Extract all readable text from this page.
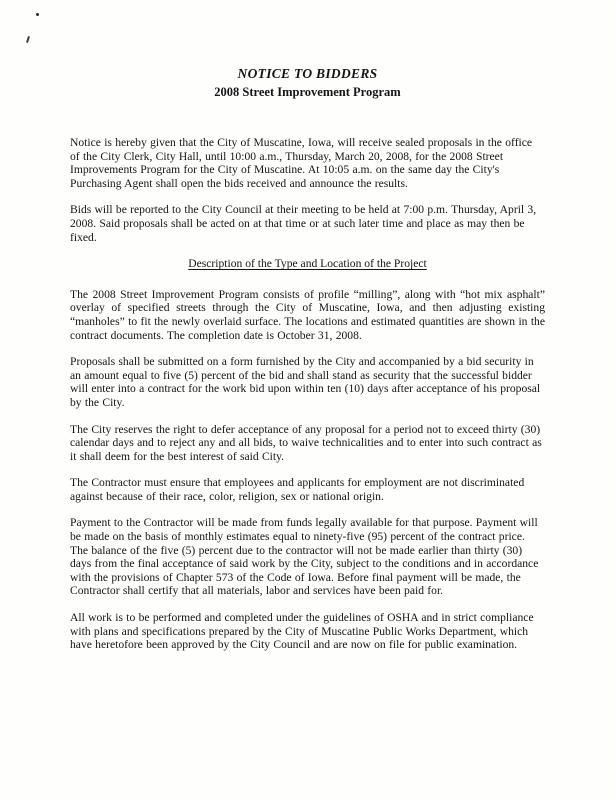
NOTICE TO BIDDERS
2008 Street Improvement Program

Notice is hereby given that the City of Muscatine, Iowa, will receive sealed proposals in the office of the City Clerk, City Hall, until 10:00 a.m., Thursday, March 20, 2008, for the 2008 Street Improvements Program for the City of Muscatine. At 10:05 a.m. on the same day the City's Purchasing Agent shall open the bids received and announce the results.

Bids will be reported to the City Council at their meeting to be held at 7:00 p.m. Thursday, April 3, 2008. Said proposals shall be acted on at that time or at such later time and place as may then be fixed.

Description of the Type and Location of the Project

The 2008 Street Improvement Program consists of profile “milling”, along with “hot mix asphalt” overlay of specified streets through the City of Muscatine, Iowa, and then adjusting existing “manholes” to fit the newly overlaid surface. The locations and estimated quantities are shown in the contract documents. The completion date is October 31, 2008.

Proposals shall be submitted on a form furnished by the City and accompanied by a bid security in an amount equal to five (5) percent of the bid and shall stand as security that the successful bidder will enter into a contract for the work bid upon within ten (10) days after acceptance of his proposal by the City.

The City reserves the right to defer acceptance of any proposal for a period not to exceed thirty (30) calendar days and to reject any and all bids, to waive technicalities and to enter into such contract as it shall deem for the best interest of said City.

The Contractor must ensure that employees and applicants for employment are not discriminated against because of their race, color, religion, sex or national origin.

Payment to the Contractor will be made from funds legally available for that purpose. Payment will be made on the basis of monthly estimates equal to ninety-five (95) percent of the contract price. The balance of the five (5) percent due to the contractor will not be made earlier than thirty (30) days from the final acceptance of said work by the City, subject to the conditions and in accordance with the provisions of Chapter 573 of the Code of Iowa. Before final payment will be made, the Contractor shall certify that all materials, labor and services have been paid for.

All work is to be performed and completed under the guidelines of OSHA and in strict compliance with plans and specifications prepared by the City of Muscatine Public Works Department, which have heretofore been approved by the City Council and are now on file for public examination.
